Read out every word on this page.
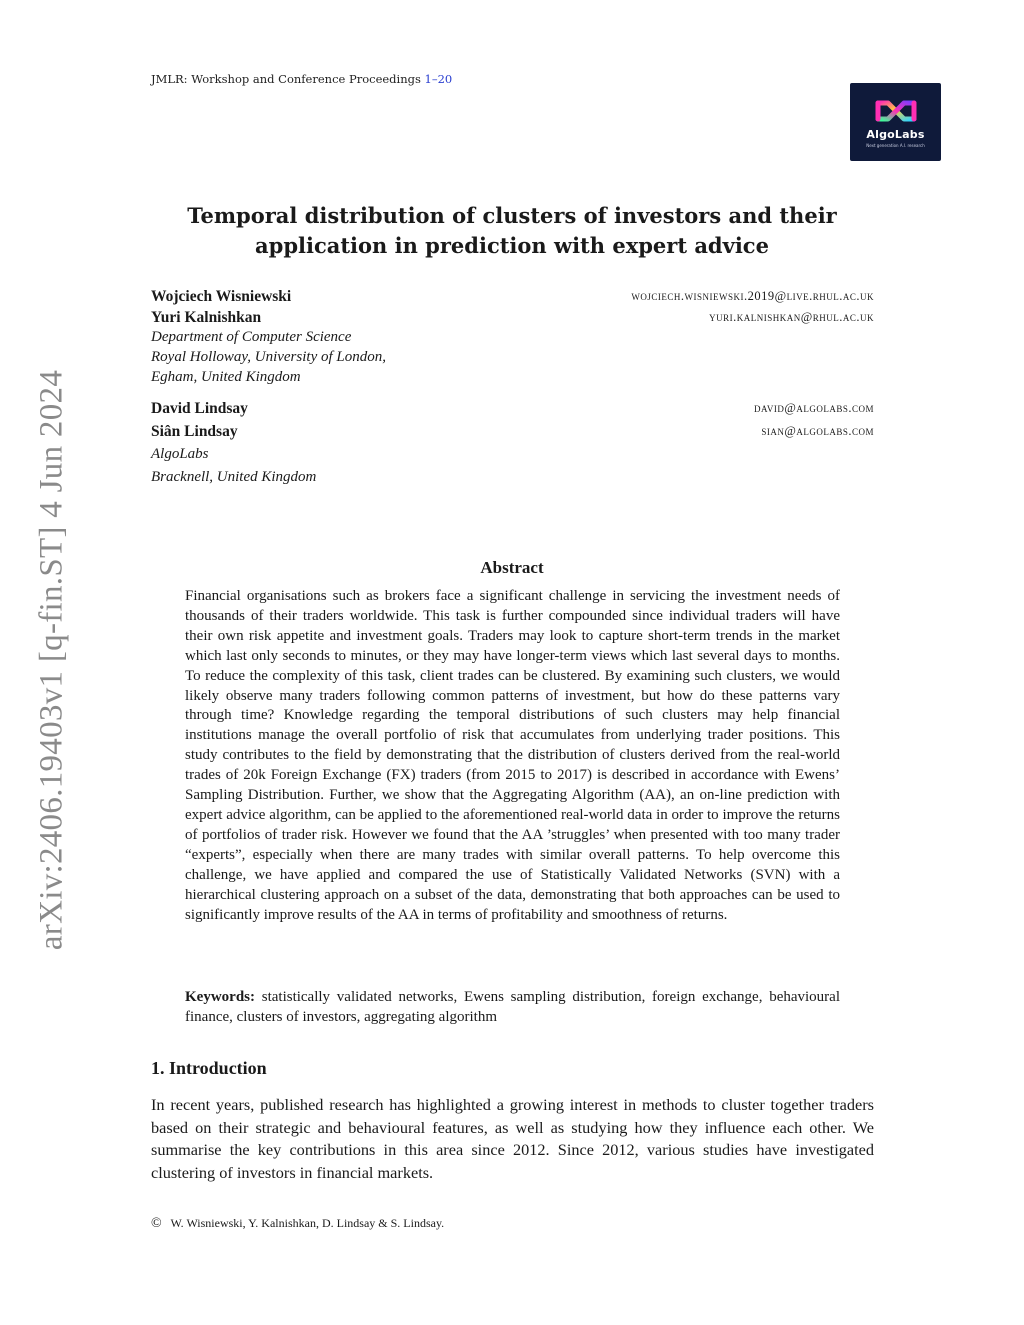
JMLR: Workshop and Conference Proceedings 1–20
AlgoLabs
Next generation A.I. research
arXiv:2406.19403v1 [q-fin.ST] 4 Jun 2024
Temporal distribution of clusters of investors and their
application in prediction with expert advice
Wojciech Wisniewski	wojciech.wisniewski.2019@live.rhul.ac.uk
Yuri Kalnishkan	yuri.kalnishkan@rhul.ac.uk
Department of Computer Science
Royal Holloway, University of London,
Egham, United Kingdom
David Lindsay	david@algolabs.com
Siân Lindsay	sian@algolabs.com
AlgoLabs
Bracknell, United Kingdom
Abstract

Financial organisations such as brokers face a significant challenge in servicing the investment needs of thousands of their traders worldwide. This task is further compounded since individual traders will have their own risk appetite and investment goals. Traders may look to capture short-term trends in the market which last only seconds to minutes, or they may have longer-term views which last several days to months. To reduce the complexity of this task, client trades can be clustered. By examining such clusters, we would likely observe many traders following common patterns of investment, but how do these patterns vary through time? Knowledge regarding the temporal distributions of such clusters may help financial institutions manage the overall portfolio of risk that accumulates from underlying trader positions. This study contributes to the field by demonstrating that the distribution of clusters derived from the real-world trades of 20k Foreign Exchange (FX) traders (from 2015 to 2017) is described in accordance with Ewens’ Sampling Distribution. Further, we show that the Aggregating Algorithm (AA), an on-line prediction with expert advice algorithm, can be applied to the aforementioned real-world data in order to improve the returns of portfolios of trader risk. However we found that the AA ’struggles’ when presented with too many trader “experts”, especially when there are many trades with similar overall patterns. To help overcome this challenge, we have applied and compared the use of Statistically Validated Networks (SVN) with a hierarchical clustering approach on a subset of the data, demonstrating that both approaches can be used to significantly improve results of the AA in terms of profitability and smoothness of returns.

Keywords: statistically validated networks, Ewens sampling distribution, foreign exchange, behavioural finance, clusters of investors, aggregating algorithm

1. Introduction

In recent years, published research has highlighted a growing interest in methods to cluster together traders based on their strategic and behavioural features, as well as studying how they influence each other. We summarise the key contributions in this area since 2012. Since 2012, various studies have investigated clustering of investors in financial markets.

© W. Wisniewski, Y. Kalnishkan, D. Lindsay & S. Lindsay.
